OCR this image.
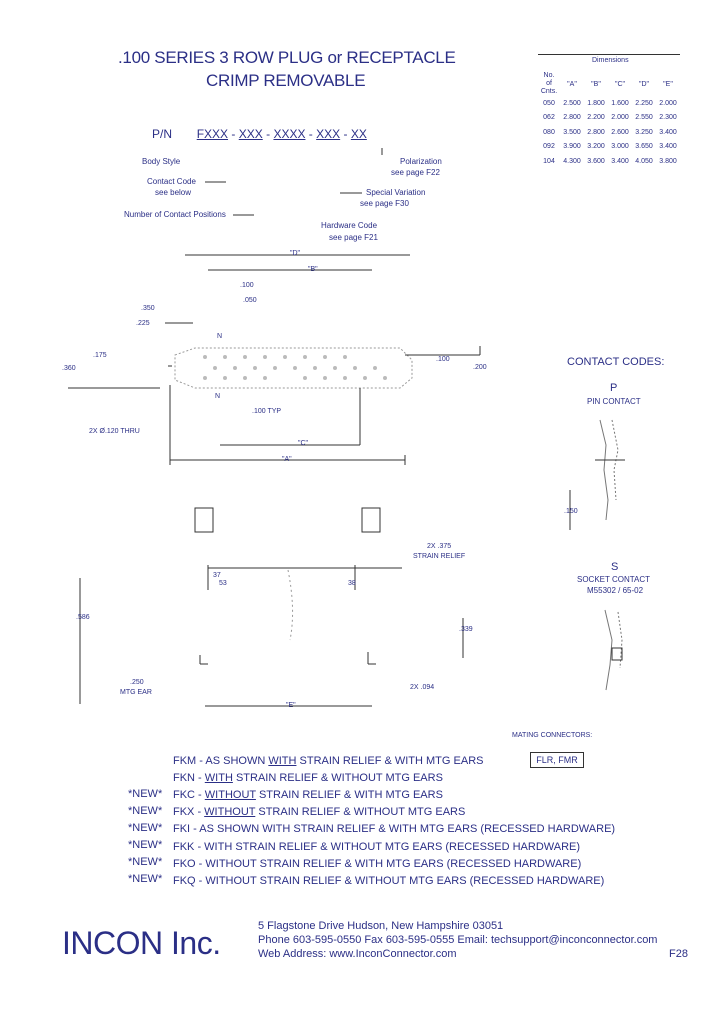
.100 SERIES 3 ROW PLUG or RECEPTACLE
CRIMP REMOVABLE
P/N FXXX - XXX - XXXX - XXX - XX
Body Style
Contact Code
see below
Number of Contact Positions
Polarization
see page F22
Special Variation
see page F30
Hardware Code
see page F21
Dimensions
No. of Cnts.	"A"	"B"	"C"	"D"	"E"
050	2.500	1.800	1.600	2.250	2.000
062	2.800	2.200	2.000	2.550	2.300
080	3.500	2.800	2.600	3.250	3.400
092	3.900	3.200	3.000	3.650	3.400
104	4.300	3.600	3.400	4.050	3.800
"D"
"B"
.100
.050
.350
.225
.175
.360
.100
.200
N
N
.100 TYP
2X Ø.120 THRU
"C"
"A"
2X .375
STRAIN RELIEF
37
53	38
.586
.339
.250
MTG EAR
2X .094
"E"
CONTACT CODES:
P
PIN CONTACT
.150
S
SOCKET CONTACT
M55302 / 65-02
MATING CONNECTORS:
FLR, FMR
FKM - AS SHOWN WITH STRAIN RELIEF & WITH MTG EARS
FKN - WITH STRAIN RELIEF & WITHOUT MTG EARS
*NEW* FKC - WITHOUT STRAIN RELIEF & WITH MTG EARS
*NEW* FKX - WITHOUT STRAIN RELIEF & WITHOUT MTG EARS
*NEW* FKI - AS SHOWN WITH STRAIN RELIEF & WITH MTG EARS (RECESSED HARDWARE)
*NEW* FKK - WITH STRAIN RELIEF & WITHOUT MTG EARS (RECESSED HARDWARE)
*NEW* FKO - WITHOUT STRAIN RELIEF & WITH MTG EARS (RECESSED HARDWARE)
*NEW* FKQ - WITHOUT STRAIN RELIEF & WITHOUT MTG EARS (RECESSED HARDWARE)
INCON Inc.	5 Flagstone Drive Hudson, New Hampshire 03051
Phone 603-595-0550 Fax 603-595-0555 Email: techsupport@inconconnector.com
Web Address: www.InconConnector.com	F28
